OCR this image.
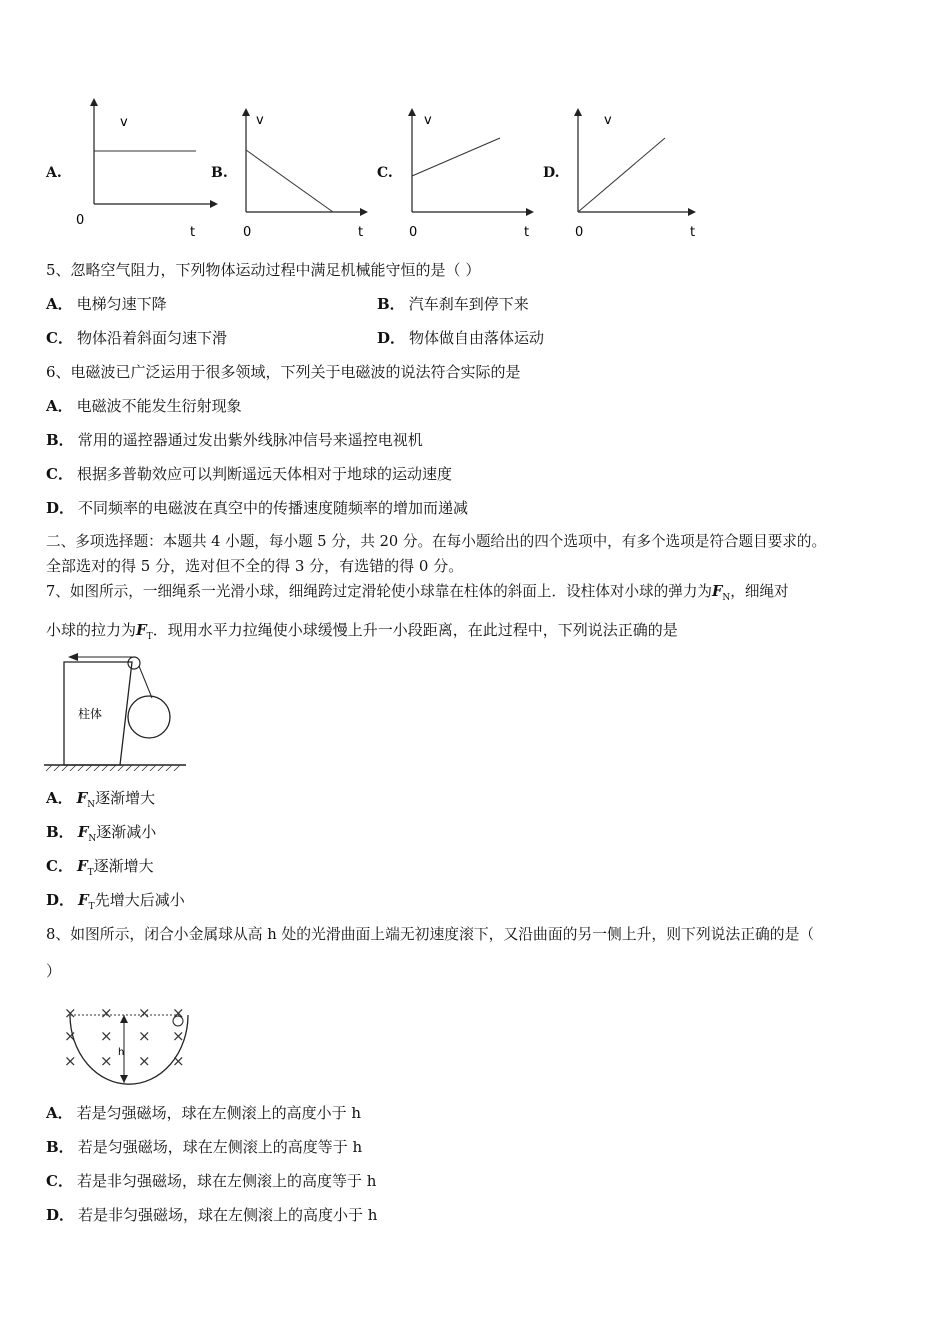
A.
v
0
t
B.
v
0	t
C.
v
0	t
D.
v
0	t
5、忽略空气阻力，下列物体运动过程中满足机械能守恒的是（ ）
A． 电梯匀速下降	B． 汽车刹车到停下来
C． 物体沿着斜面匀速下滑	D． 物体做自由落体运动
6、电磁波已广泛运用于很多领域，下列关于电磁波的说法符合实际的是
A． 电磁波不能发生衍射现象
B． 常用的遥控器通过发出紫外线脉冲信号来遥控电视机
C． 根据多普勒效应可以判断遥远天体相对于地球的运动速度
D． 不同频率的电磁波在真空中的传播速度随频率的增加而递减
二、多项选择题：本题共 4 小题，每小题 5 分，共 20 分。在每小题给出的四个选项中，有多个选项是符合题目要求的。
全部选对的得 5 分，选对但不全的得 3 分，有选错的得 0 分。
7、如图所示，一细绳系一光滑小球，细绳跨过定滑轮使小球靠在柱体的斜面上．设柱体对小球的弹力为$F_N$，细绳对
小球的拉力为$F_T$．现用水平力拉绳使小球缓慢上升一小段距离，在此过程中，下列说法正确的是
柱体
A． $F_N$逐渐增大
B． $F_N$逐渐减小
C． $F_T$逐渐增大
D． $F_T$先增大后减小
8、如图所示，闭合小金属球从高 h 处的光滑曲面上端无初速度滚下，又沿曲面的另一侧上升，则下列说法正确的是（
）
× × × ×
× × × ×
× × × ×
h
A． 若是匀强磁场，球在左侧滚上的高度小于 h
B． 若是匀强磁场，球在左侧滚上的高度等于 h
C． 若是非匀强磁场，球在左侧滚上的高度等于 h
D． 若是非匀强磁场，球在左侧滚上的高度小于 h
